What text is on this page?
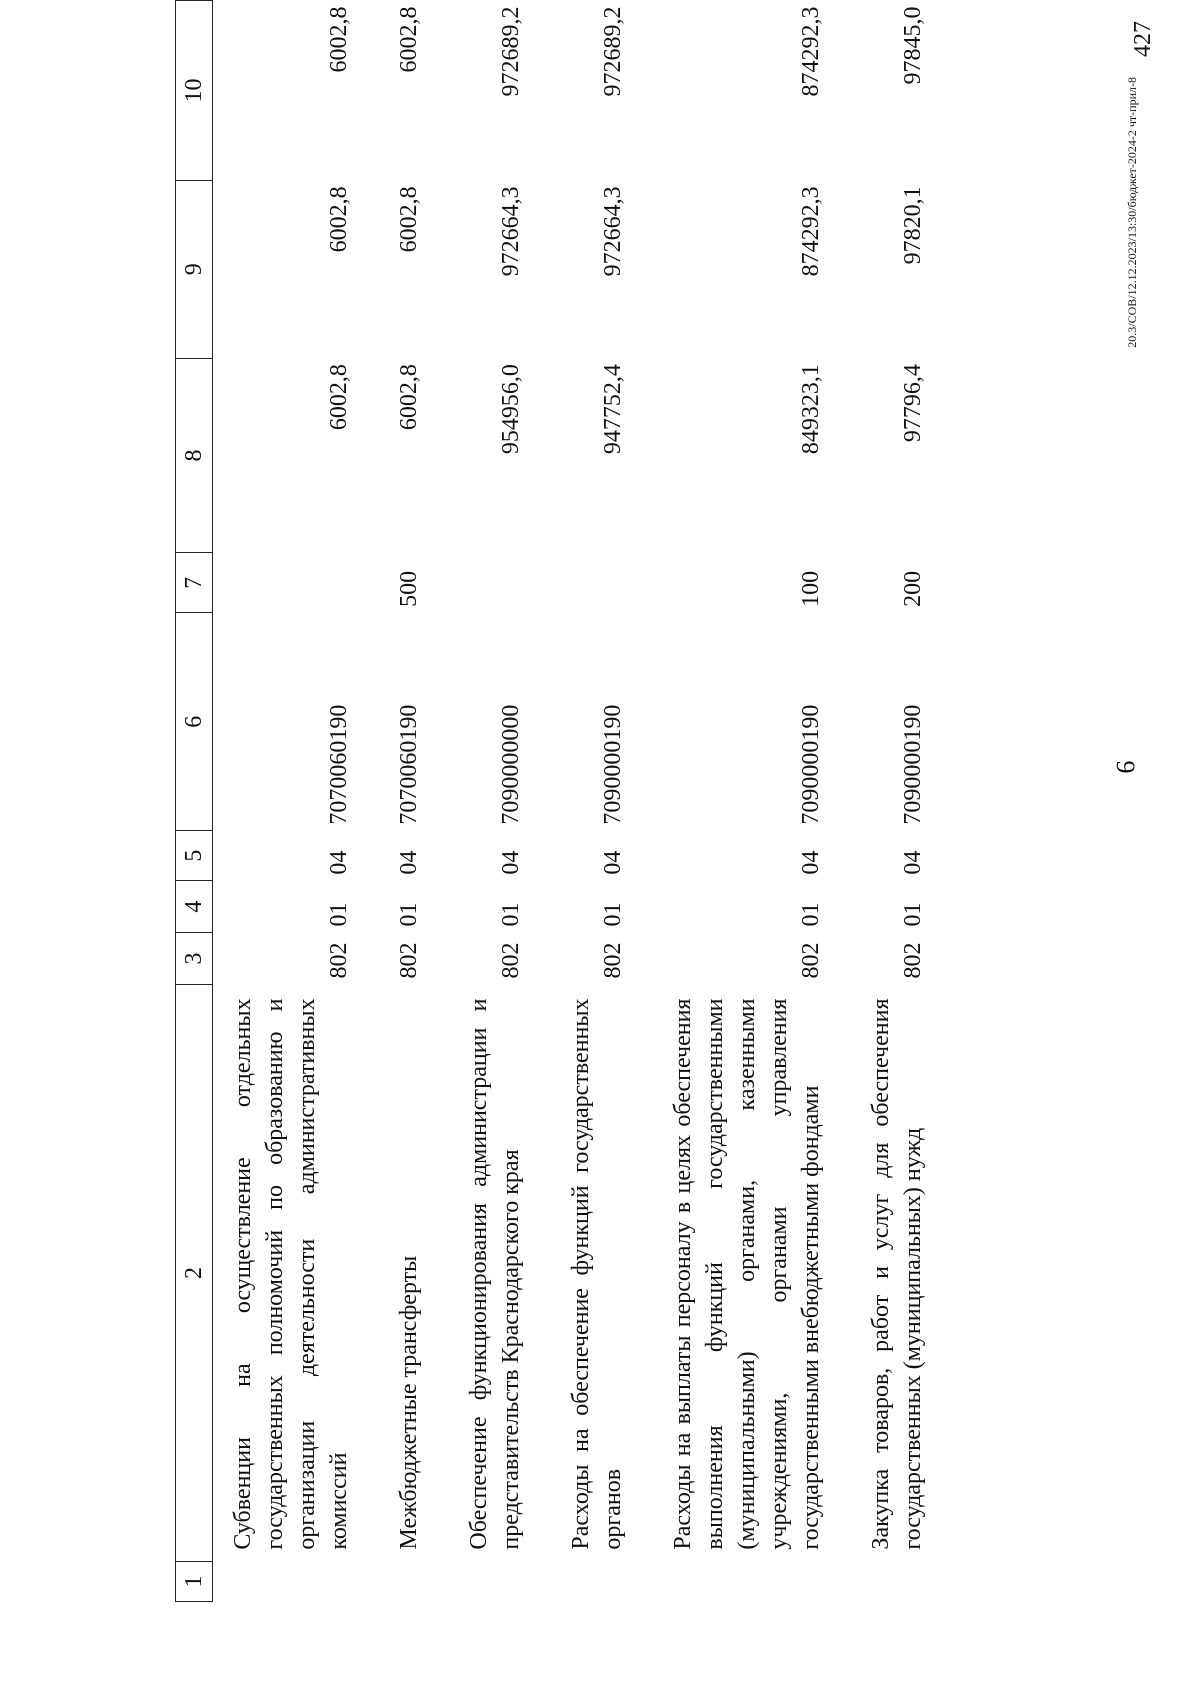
9
1	2	3	4	5	6	7	8	9	10
	Субвенции на осуществление отдельных государственных полномочий по образованию и организации деятельности административных комиссий	802	01	04	7070060190		6002,8	6002,8	6002,8
	Межбюджетные трансферты	802	01	04	7070060190	500	6002,8	6002,8	6002,8
	Обеспечение функционирования администрации и представительств Краснодарского края	802	01	04	7090000000		954956,0	972664,3	972689,2
	Расходы на обеспечение функций государственных органов	802	01	04	7090000190		947752,4	972664,3	972689,2
	Расходы на выплаты персоналу в целях обеспечения выполнения функций государственными (муниципальными) органами, казенными учреждениями, органами управления государственными внебюджетными фондами	802	01	04	7090000190	100	849323,1	874292,3	874292,3
	Закупка товаров, работ и услуг для обеспечения государственных (муниципальных) нужд	802	01	04	7090000190	200	97796,4	97820,1	97845,0
20.3/СОВ/12.12.2023/13:30/бюджет-2024-2 чт-прил-8
427
